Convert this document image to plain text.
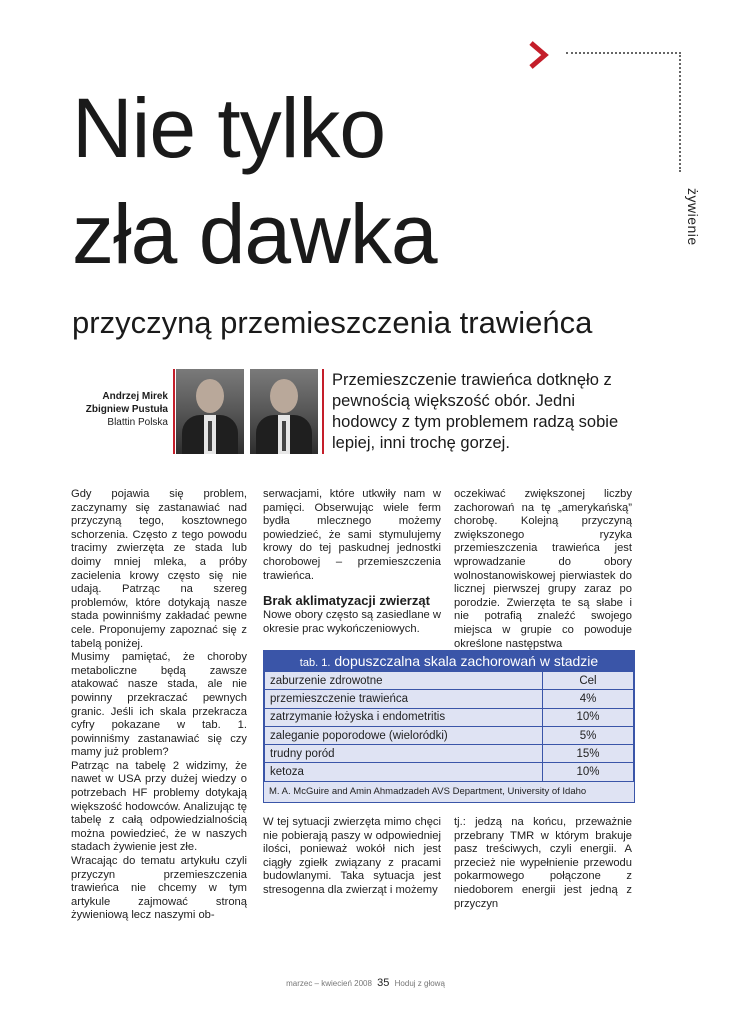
żywienie
Nie tylko
zła dawka
przyczyną przemieszczenia trawieńca
Andrzej Mirek
Zbigniew Pustuła
Blattin Polska
Przemieszczenie trawieńca dotknęło z pewnością większość obór. Jedni hodowcy z tym problemem radzą sobie lepiej, inni trochę gorzej.

Gdy pojawia się problem, zaczynamy się zastanawiać nad przyczyną tego, kosztownego schorzenia. Często z tego powodu tracimy zwierzęta ze stada lub doimy mniej mleka, a próby zacielenia krowy często się nie udają. Patrząc na szereg problemów, które dotykają nasze stada powinniśmy zakładać pewne cele. Proponujemy zapoznać się z tabelą poniżej.

Musimy pamiętać, że choroby metaboliczne będą zawsze atakować nasze stada, ale nie powinny przekraczać pewnych granic. Jeśli ich skala przekracza cyfry pokazane w tab. 1. powinniśmy zastanawiać się czy mamy już problem?

Patrząc na tabelę 2 widzimy, że nawet w USA przy dużej wiedzy o potrzebach HF problemy dotykają większość hodowców. Analizując tę tabelę z całą odpowiedzialnością można powiedzieć, że w naszych stadach żywienie jest złe.

Wracając do tematu artykułu czyli przyczyn przemieszczenia trawieńca nie chcemy w tym artykule zajmować stroną żywieniową lecz naszymi ob-

serwacjami, które utkwiły nam w pamięci. Obserwując wiele ferm bydła mlecznego możemy powiedzieć, że sami stymulujemy krowy do tej paskudnej jednostki chorobowej – przemieszczenia trawieńca.

Brak aklimatyzacji zwierząt

Nowe obory często są zasiedlane w okresie prac wykończeniowych.

oczekiwać zwiększonej liczby zachorowań na tę „amerykańską” chorobę. Kolejną przyczyną zwiększonego ryzyka przemieszczenia trawieńca jest wprowadzanie do obory wolnostanowiskowej pierwiastek do licznej pierwszej grupy zaraz po porodzie. Zwierzęta te są słabe i nie potrafią znaleźć swojego miejsca w grupie co powoduje określone następstwa

tab. 1. dopuszczalna skala zachorowań w stadzie
zaburzenie zdrowotne	Cel
przemieszczenie trawieńca	4%
zatrzymanie łożyska i endometritis	10%
zaleganie poporodowe (wieloródki)	5%
trudny poród	15%
ketoza	10%
M. A. McGuire and Amin Ahmadzadeh AVS Department, University of Idaho

W tej sytuacji zwierzęta mimo chęci nie pobierają paszy w odpowiedniej ilości, ponieważ wokół nich jest ciągły zgiełk związany z pracami budowlanymi. Taka sytuacja jest stresogenna dla zwierząt i możemy

tj.: jedzą na końcu, przeważnie przebrany TMR w którym brakuje pasz treściwych, czyli energii. A przecież nie wypełnienie przewodu pokarmowego połączone z niedoborem energii jest jedną z przyczyn

marzec – kwiecień 2008 35 Hoduj z głową
